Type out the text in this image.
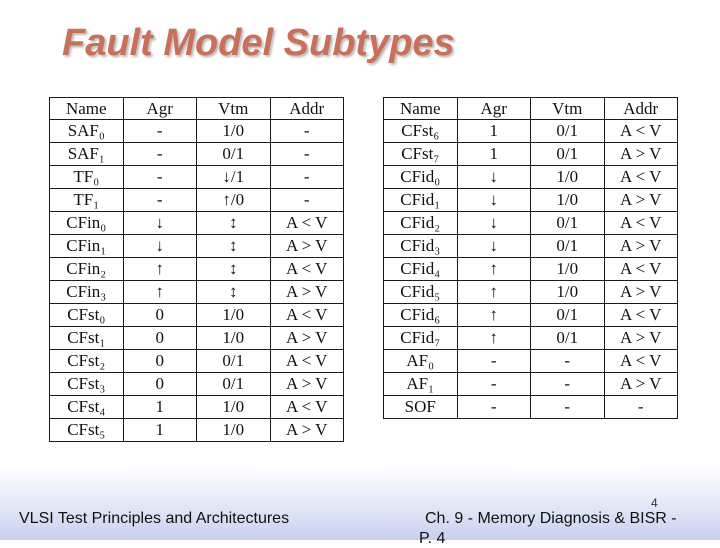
Fault Model Subtypes
Name	Agr	Vtm	Addr
SAF₀	-	1/0	-
SAF₁	-	0/1	-
TF₀	-	↓/1	-
TF₁	-	↑/0	-
CFin₀	↓	↕	A < V
CFin₁	↓	↕	A > V
CFin₂	↑	↕	A < V
CFin₃	↑	↕	A > V
CFst₀	0	1/0	A < V
CFst₁	0	1/0	A > V
CFst₂	0	0/1	A < V
CFst₃	0	0/1	A > V
CFst₄	1	1/0	A < V
CFst₅	1	1/0	A > V
Name	Agr	Vtm	Addr
CFst₆	1	0/1	A < V
CFst₇	1	0/1	A > V
CFid₀	↓	1/0	A < V
CFid₁	↓	1/0	A > V
CFid₂	↓	0/1	A < V
CFid₃	↓	0/1	A > V
CFid₄	↑	1/0	A < V
CFid₅	↑	1/0	A > V
CFid₆	↑	0/1	A < V
CFid₇	↑	0/1	A > V
AF₀	-	-	A < V
AF₁	-	-	A > V
SOF	-	-	-
4
VLSI Test Principles and Architectures	Ch. 9 - Memory Diagnosis & BISR -
P. 4
